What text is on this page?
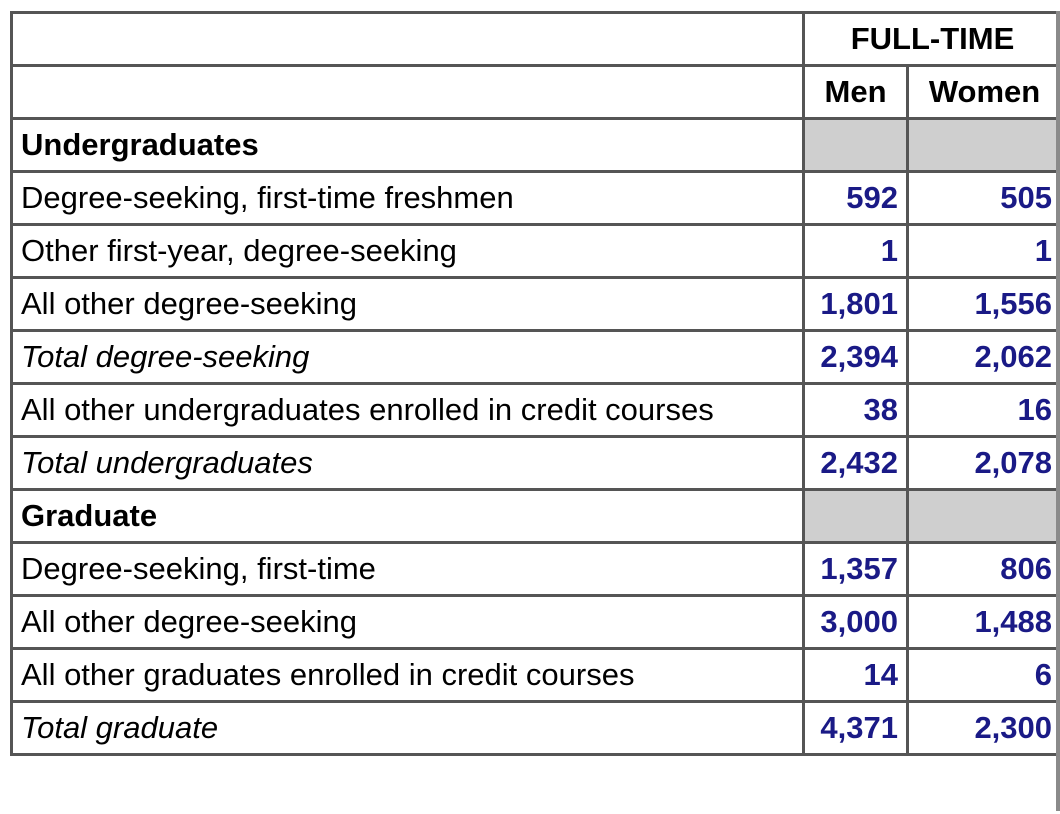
	FULL-TIME	
	Men	Women
Undergraduates		
Degree-seeking, first-time freshmen	592	505
Other first-year, degree-seeking	1	1
All other degree-seeking	1,801	1,556
Total degree-seeking	2,394	2,062
All other undergraduates enrolled in credit courses	38	16
Total undergraduates	2,432	2,078
Graduate		
Degree-seeking, first-time	1,357	806
All other degree-seeking	3,000	1,488
All other graduates enrolled in credit courses	14	6
Total graduate	4,371	2,300
